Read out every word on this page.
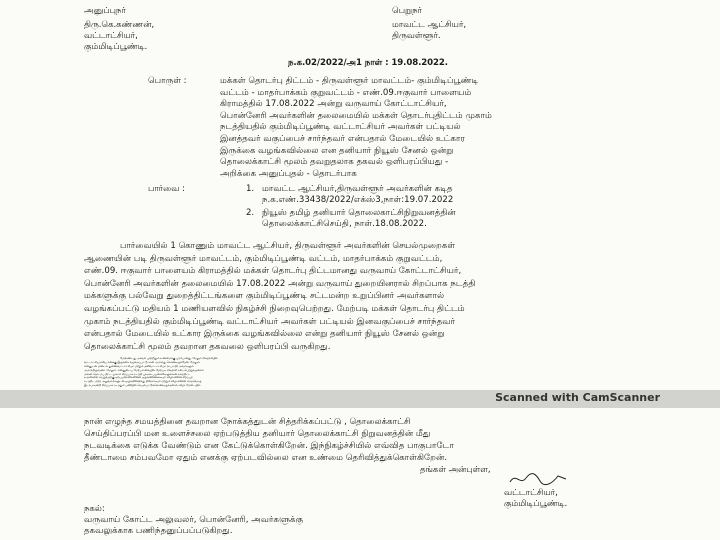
அனுப்புநர்	பெறுநர்
திரு.கெ.கண்ணன்,	மாவட்ட ஆட்சியர்,
வட்டாட்சியர்,	திருவள்ளூர்.
கும்மிடிப்பூண்டி.
ந.க.02/2022/அ1 நாள் : 19.08.2022.
பொருள் :	மக்கள் தொடர்பு திட்டம் - திருவள்ளூர் மாவட்டம்- கும்மிடிப்பூண்டி
வட்டம் - மாதர்பாக்கம் குறுவட்டம் - எண்.09.ஈகுவார் பாளையம்
கிராமத்தில் 17.08.2022 அன்று வருவாய் கோட்டாட்சியர்,
பொன்னேரி அவர்களின் தலைமையில் மக்கள் தொடர்புதிட்டம் முகாம்
நடத்தியதில் கும்மிடிப்பூண்டி வட்டாட்சியர் அவர்கள் பட்டியல்
இனத்தவர் வகுப்பைச் சார்ந்தவர் என்பதால் மேடையில் உட்கார
இருக்கை வழங்கவில்லை என தனியார் நியூஸ் சேனல் ஒன்று
தொலைக்காட்சி மூலம் தவறுதலாக தகவல் ஒளிபரப்பியது -
அறிக்கை அனுப்புதல் - தொடர்பாக
பார்வை :	1. மாவட்ட ஆட்சியர்,திருவள்ளூர் அவர்களின் கடித
ந.க.எண்.33438/2022/எக்ஸ்3,நாள்:19.07.2022
2. நியூஸ் தமிழ் தனியார் தொலைகாட்சிநிறுவனத்தின்
தொலைக்காட்சிசெய்தி, நாள்.18.08.2022.
பார்வையில் 1 கொணும் மாவட்ட ஆட்சியர், திருவள்ளூர் அவர்களின் செயல்முறைகள்
ஆணையின் படி திருவள்ளூர் மாவட்டம், கும்மிடிப்பூண்டி வட்டம், மாதர்பாக்கம் குறுவட்டம்,
எண்.09. ஈகுவார் பாளையம் கிராமத்தில் மக்கள் தொடர்பு திட்டமானது வருவாய் கோட்டாட்சியர்,
பொன்னேரி அவர்களின் தலைமையில் 17.08.2022 அன்று வருவாய் துறையினரால் சிறப்பாக நடத்தி
மக்களுக்கு பல்வேறு துறைத்திட்டங்களை கும்மிடிப்பூண்டி சட்டமன்ற உறுப்பினர் அவர்களால்
வழங்கப்பட்டு மதியம் 1 மணியளவில் நிகழ்ச்சி நிறைவுபெற்றது. மேற்படி மக்கள் தொடர்பு திட்டம்
முகாம் நடத்தியதில் கும்மிடிப்பூண்டி வட்டாட்சியர் அவர்கள் பட்டியல் இனவகுப்பைச் சார்ந்தவர்
என்பதால் மேடையில் உட்கார இருக்கை வழங்கவில்லை என்று தனியார் நியூஸ் சேனல் ஒன்று
தொலைக்காட்சி மூலம் தவறான தகவலை ஒளிபரப்பி வருகிறது.
மேற்கண்டது, தகவல் முற்றிலும் உண்மைக்கு புறம்பானது. மேலும் நிகழ்ச்சியில்
வட்டாட்சியராகிய எனக்கு இருக்கை வழங்கப்பட்டு நான் அமர்ந்து கொண்டிருந்தேன். மேலும்,
என்னுடன் மண்டல துணைவட்டாட்சியர் மற்றும் தனிவட்டாட்சியர் (ச.பா.தி) அவர்களும்
அமர்ந்திருந்தனர். மேலும், என்னுடைய மேற்பார்வையில் மேற்படி நிகழ்ச்சி நடைபெற்றுவதனால்
மக்கள் தொடர்பு திட்ட முகாம் சிறப்பாக நடத்தி முடிக்க பயனாளிகளுக்கான நலத்திட்ட
உதவிகளை பெறுவதற்கு ஏற்பயனாளிகளினை ஒருங்கிணைக்கவும் விழாவினை சிறப்புற
நடத்திட மற்ற அலுவலர்களுடன் ஒருங்கிணைந்து திகிமாகவும் மற்றும் விழாவினை எந்தவொரு
இடர்பாடின்றி சிறப்பாக நடத்தும் பணியில் செயல்பட்டுக்கொண்டிருந்தனால் விழா மேடையில்
Scanned with CamScanner
நான் எழுந்த சமயத்தினை தவறான நோக்கத்துடன் சித்தரிக்கப்பட்டு , தொலைக்காட்சி
செய்திப்பரப்பி மன உளைச்சலை ஏற்படுத்திய தனியார் தொலைக்காட்சி நிறுவனத்தின் மீது
நடவடிக்கை எடுக்க வேண்டும் என கேட்டுக்கொள்கிறேன். இந்நிகழ்ச்சியில் எவ்வித பாகுபாடோ
தீண்டாமை சம்பவமோ ஏதும் எனக்கு ஏற்படவில்லை என உண்மை தெரிவித்துக்கொள்கிறேன்.
தங்கள் அன்புள்ள,
வட்டாட்சியர்,
கும்மிடிப்பூண்டி.
நகல்:
வருவாய் கோட்ட அலுவலர், பொன்னேரி, அவர்களுக்கு
தகவலுக்காக பணிந்தனுப்பப்படுகிறது.
